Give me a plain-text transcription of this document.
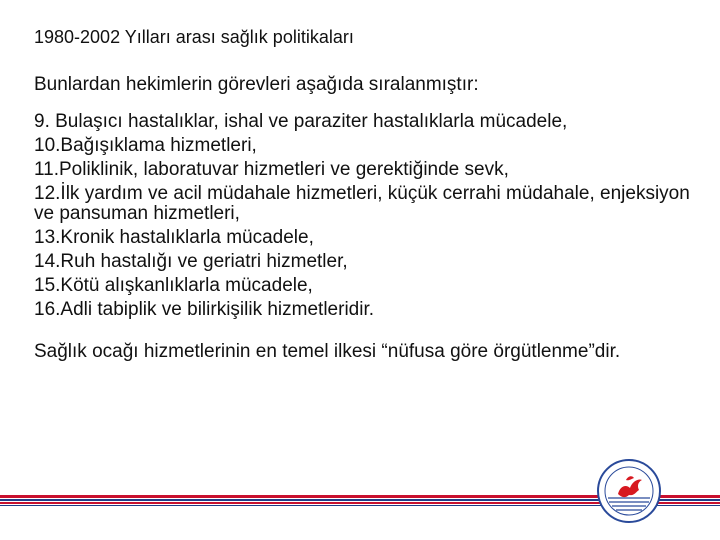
1980-2002 Yılları arası sağlık politikaları
Bunlardan hekimlerin görevleri aşağıda sıralanmıştır:
9. Bulaşıcı hastalıklar, ishal ve paraziter hastalıklarla mücadele,
10.Bağışıklama hizmetleri,
11.Poliklinik, laboratuvar hizmetleri ve gerektiğinde sevk,
12.İlk yardım ve acil müdahale hizmetleri, küçük cerrahi müdahale, enjeksiyon ve pansuman hizmetleri,
13.Kronik hastalıklarla mücadele,
14.Ruh hastalığı ve geriatri hizmetler,
15.Kötü alışkanlıklarla mücadele,
16.Adli tabiplik ve bilirkişilik hizmetleridir.
Sağlık ocağı hizmetlerinin en temel ilkesi “nüfusa göre örgütlenme”dir.
